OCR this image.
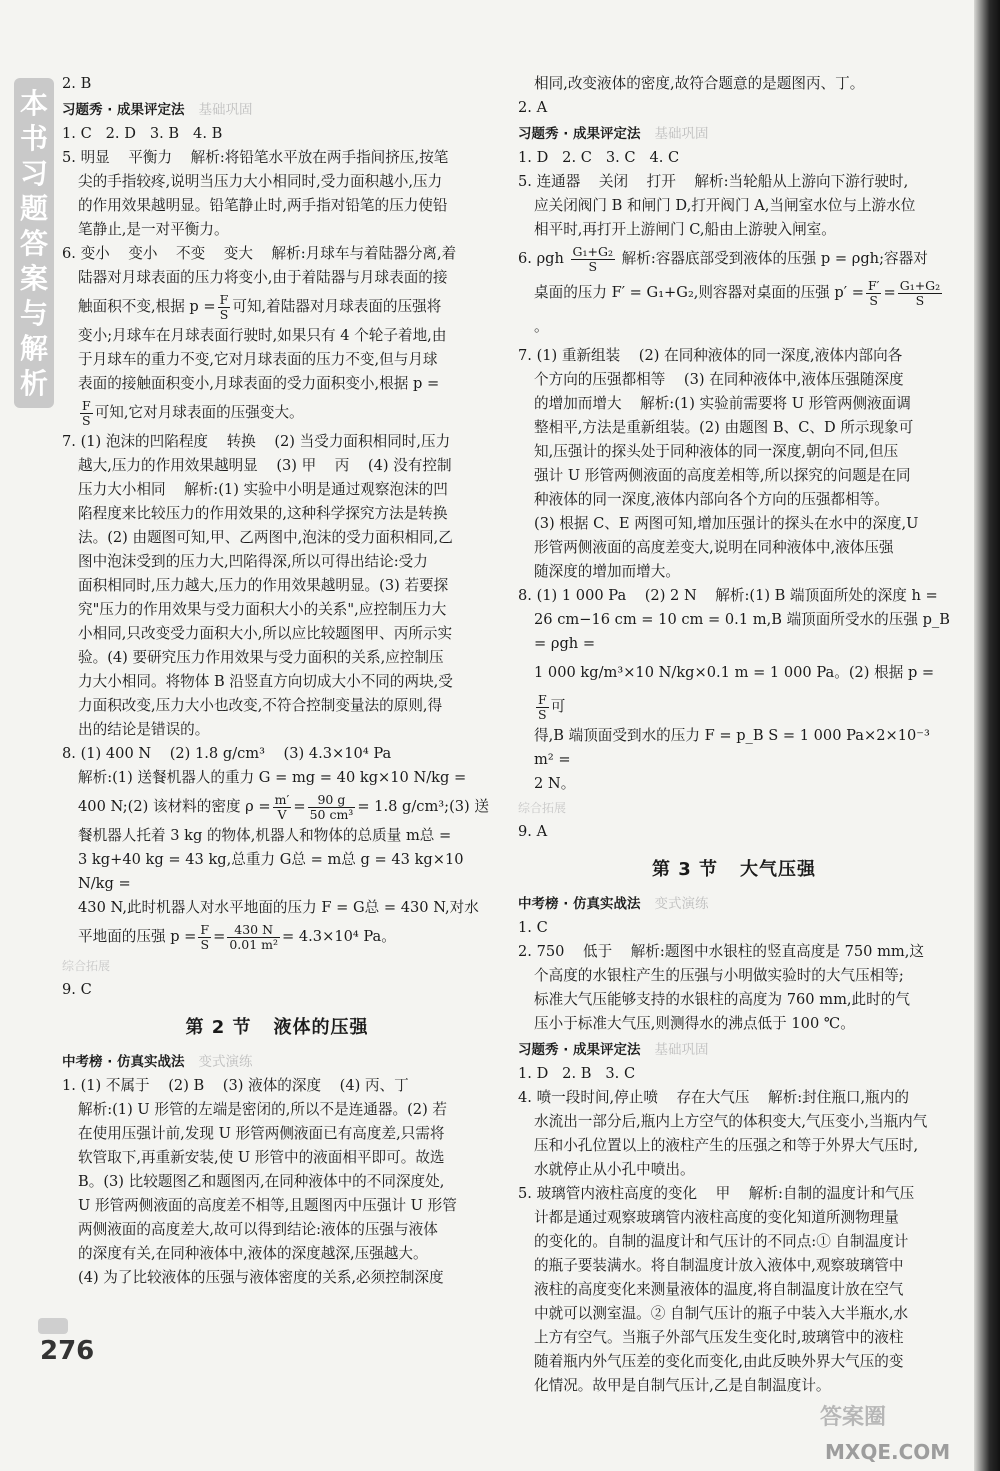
本书习题答案与解析
2. B
习题秀 · 成果评定法 基础巩固
1. C   2. D   3. B   4. B
5. 明显    平衡力    解析:将铅笔水平放在两手指间挤压,按笔
尖的手指较疼,说明当压力大小相同时,受力面积越小,压力
的作用效果越明显。铅笔静止时,两手指对铅笔的压力使铅
笔静止,是一对平衡力。
6. 变小    变小    不变    变大    解析:月球车与着陆器分离,着
陆器对月球表面的压力将变小,由于着陆器与月球表面的接
触面积不变,根据 $p = \frac{F}{S}$ 可知,着陆器对月球表面的压强将
变小;月球车在月球表面行驶时,如果只有 4 个轮子着地,由
于月球车的重力不变,它对月球表面的压力不变,但与月球
表面的接触面积变小,月球表面的受力面积变小,根据 p =
$\frac{F}{S}$ 可知,它对月球表面的压强变大。
7. (1) 泡沫的凹陷程度    转换    (2) 当受力面积相同时,压力
越大,压力的作用效果越明显    (3) 甲    丙    (4) 没有控制
压力大小相同    解析:(1) 实验中小明是通过观察泡沫的凹
陷程度来比较压力的作用效果的,这种科学探究方法是转换
法。(2) 由题图可知,甲、乙两图中,泡沫的受力面积相同,乙
图中泡沫受到的压力大,凹陷得深,所以可得出结论:受力
面积相同时,压力越大,压力的作用效果越明显。(3) 若要探
究"压力的作用效果与受力面积大小的关系",应控制压力大
小相同,只改变受力面积大小,所以应比较题图甲、丙所示实
验。(4) 要研究压力作用效果与受力面积的关系,应控制压
力大小相同。将物体 B 沿竖直方向切成大小不同的两块,受
力面积改变,压力大小也改变,不符合控制变量法的原则,得
出的结论是错误的。
8. (1) 400 N    (2) 1.8 g/cm³    (3) 4.3×10⁴ Pa
解析:(1) 送餐机器人的重力 G = mg = 40 kg×10 N/kg =
400 N;(2) 该材料的密度 $\rho = \frac{m'}{V} = \frac{90 g}{\text{50 cm³}} = 1.8$ g/cm³;(3) 送
餐机器人托着 3 kg 的物体,机器人和物体的总质量 m总 =
3 kg+40 kg = 43 kg,总重力 G总 = m总 g = 43 kg×10 N/kg =
430 N,此时机器人对水平地面的压力 F = G总 = 430 N,对水
平地面的压强 $p = \frac{F}{S} = \frac{430 N}{\text{0.01 m²}} = 4.3\times 10^4$ Pa。
综合拓展
9. C
第 2 节 液体的压强
中考榜 · 仿真实战法 变式演练
1. (1) 不属于    (2) B    (3) 液体的深度    (4) 丙、丁
解析:(1) U 形管的左端是密闭的,所以不是连通器。(2) 若
在使用压强计前,发现 U 形管两侧液面已有高度差,只需将
软管取下,再重新安装,使 U 形管中的液面相平即可。故选
B。(3) 比较题图乙和题图丙,在同种液体中的不同深度处,
U 形管两侧液面的高度差不相等,且题图丙中压强计 U 形管
两侧液面的高度差大,故可以得到结论:液体的压强与液体
的深度有关,在同种液体中,液体的深度越深,压强越大。
(4) 为了比较液体的压强与液体密度的关系,必须控制深度
相同,改变液体的密度,故符合题意的是题图丙、丁。
2. A
习题秀 · 成果评定法 基础巩固
1. D   2. C   3. C   4. C
5. 连通器    关闭    打开    解析:当轮船从上游向下游行驶时,
应关闭阀门 B 和闸门 D,打开阀门 A,当闸室水位与上游水位
相平时,再打开上游闸门 C,船由上游驶入闸室。
6. ρgh $\frac{\text{G₁+G₂}}{S}$ 解析:容器底部受到液体的压强 p = ρgh;容器对
桌面的压力 F′ = G₁+G₂,则容器对桌面的压强 $p' = \frac{F'}{S} = \frac{\text{G₁+G₂}}{S}$
。
7. (1) 重新组装    (2) 在同种液体的同一深度,液体内部向各
个方向的压强都相等    (3) 在同种液体中,液体压强随深度
的增加而增大    解析:(1) 实验前需要将 U 形管两侧液面调
整相平,方法是重新组装。(2) 由题图 B、C、D 所示现象可
知,压强计的探头处于同种液体的同一深度,朝向不同,但压
强计 U 形管两侧液面的高度差相等,所以探究的问题是在同
种液体的同一深度,液体内部向各个方向的压强都相等。
(3) 根据 C、E 两图可知,增加压强计的探头在水中的深度,U
形管两侧液面的高度差变大,说明在同种液体中,液体压强
随深度的增加而增大。
8. (1) 1 000 Pa    (2) 2 N    解析:(1) B 端顶面所处的深度 h =
26 cm−16 cm = 10 cm = 0.1 m,B 端顶面所受水的压强 p_B = ρgh =
1 000 kg/m³×10 N/kg×0.1 m = 1 000 Pa。(2) 根据 p =
$\frac{F}{S}$ 可
得,B 端顶面受到水的压力 F = p_B S = 1 000 Pa×2×10⁻³ m² =
2 N。
综合拓展
9. A
第 3 节 大气压强
中考榜 · 仿真实战法 变式演练
1. C
2. 750    低于    解析:题图中水银柱的竖直高度是 750 mm,这
个高度的水银柱产生的压强与小明做实验时的大气压相等;
标准大气压能够支持的水银柱的高度为 760 mm,此时的气
压小于标准大气压,则测得水的沸点低于 100 ℃。
习题秀 · 成果评定法 基础巩固
1. D   2. B   3. C
4. 喷一段时间,停止喷    存在大气压    解析:封住瓶口,瓶内的
水流出一部分后,瓶内上方空气的体积变大,气压变小,当瓶内气
压和小孔位置以上的液柱产生的压强之和等于外界大气压时,
水就停止从小孔中喷出。
5. 玻璃管内液柱高度的变化    甲    解析:自制的温度计和气压
计都是通过观察玻璃管内液柱高度的变化知道所测物理量
的变化的。自制的温度计和气压计的不同点:① 自制温度计
的瓶子要装满水。将自制温度计放入液体中,观察玻璃管中
液柱的高度变化来测量液体的温度,将自制温度计放在空气
中就可以测室温。② 自制气压计的瓶子中装入大半瓶水,水
上方有空气。当瓶子外部气压发生变化时,玻璃管中的液柱
随着瓶内外气压差的变化而变化,由此反映外界大气压的变
化情况。故甲是自制气压计,乙是自制温度计。
276
答案圈
MXQE.COM
